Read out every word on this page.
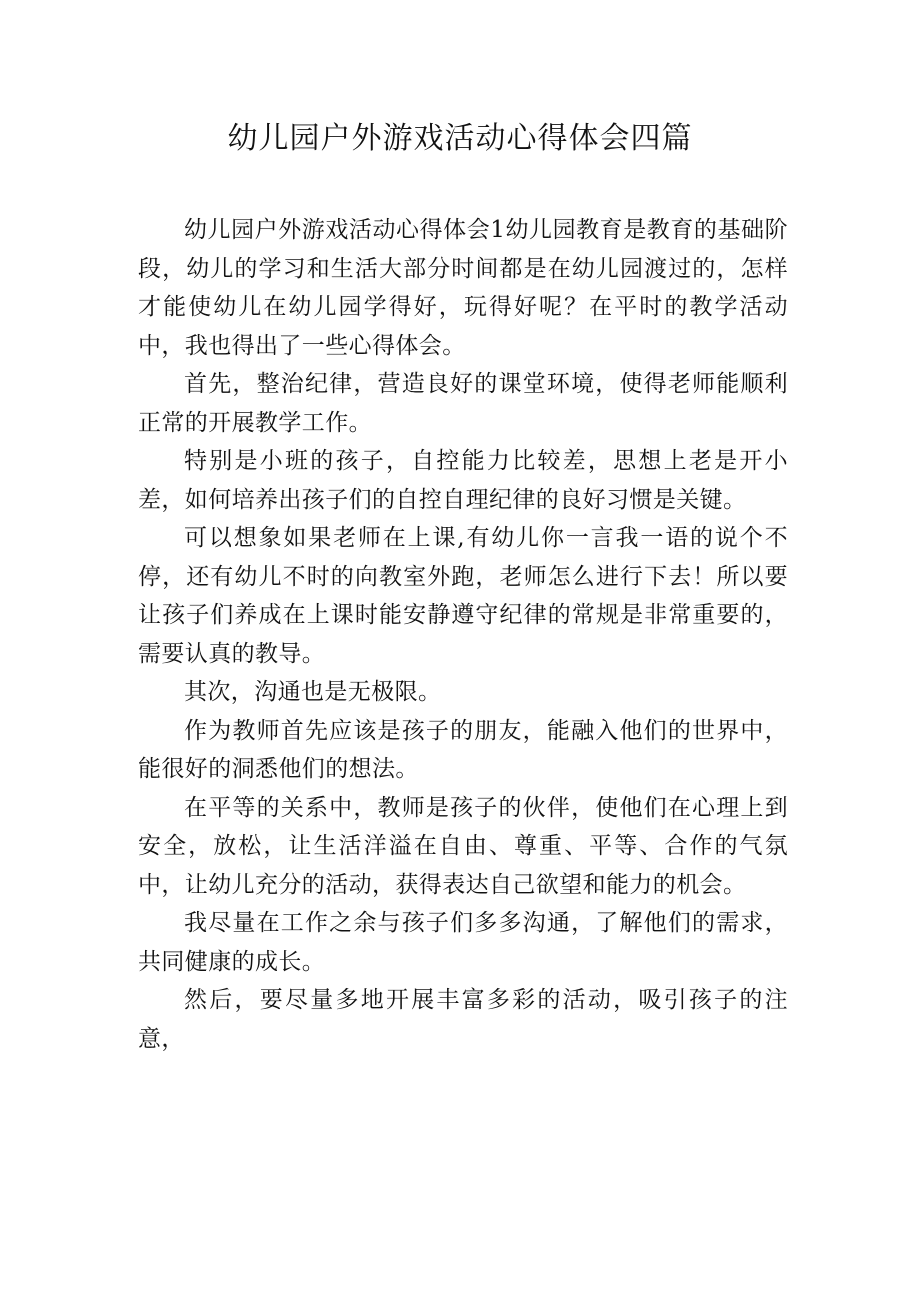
幼儿园户外游戏活动心得体会四篇

幼儿园户外游戏活动心得体会1幼儿园教育是教育的基础阶段，幼儿的学习和生活大部分时间都是在幼儿园渡过的，怎样才能使幼儿在幼儿园学得好，玩得好呢？在平时的教学活动中，我也得出了一些心得体会。

首先，整治纪律，营造良好的课堂环境，使得老师能顺利正常的开展教学工作。

特别是小班的孩子，自控能力比较差，思想上老是开小差，如何培养出孩子们的自控自理纪律的良好习惯是关键。

可以想象如果老师在上课,有幼儿你一言我一语的说个不停，还有幼儿不时的向教室外跑，老师怎么进行下去！所以要让孩子们养成在上课时能安静遵守纪律的常规是非常重要的，需要认真的教导。

其次，沟通也是无极限。

作为教师首先应该是孩子的朋友，能融入他们的世界中，能很好的洞悉他们的想法。

在平等的关系中，教师是孩子的伙伴，使他们在心理上到安全，放松，让生活洋溢在自由、尊重、平等、合作的气氛中，让幼儿充分的活动，获得表达自己欲望和能力的机会。

我尽量在工作之余与孩子们多多沟通，了解他们的需求，共同健康的成长。

然后，要尽量多地开展丰富多彩的活动，吸引孩子的注意，
